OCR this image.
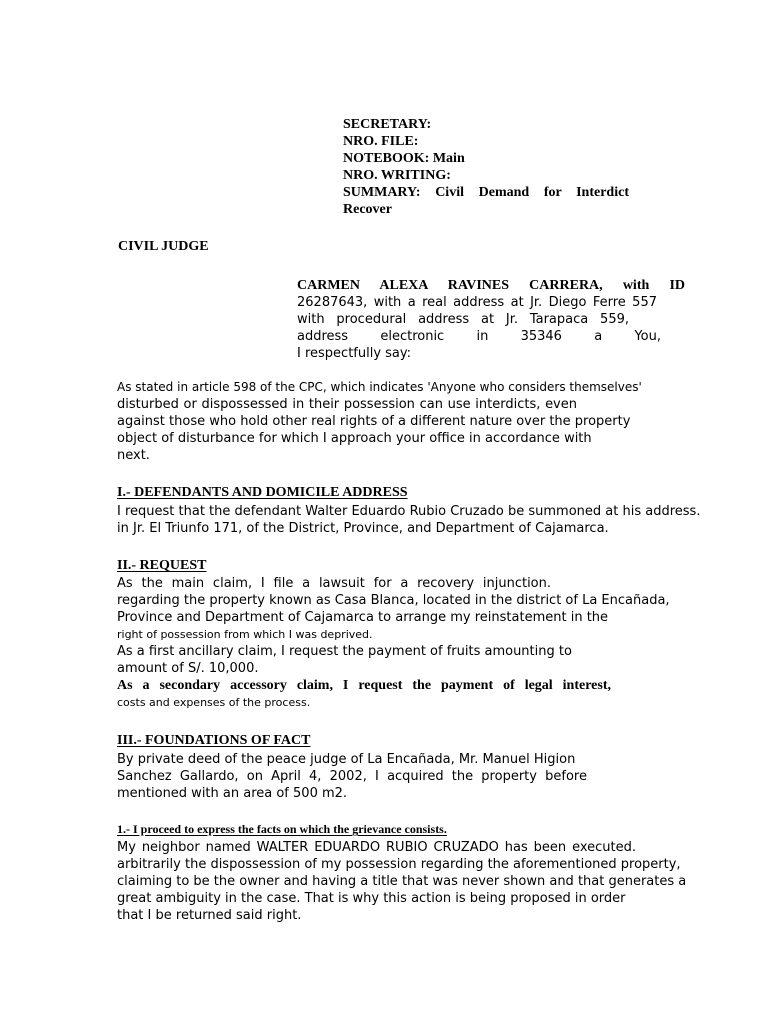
SECRETARY:
NRO. FILE:
NOTEBOOK: Main
NRO. WRITING:
SUMMARY: Civil Demand for Interdict
Recover
CIVIL JUDGE
CARMEN ALEXA RAVINES CARRERA, with ID
26287643, with a real address at Jr. Diego Ferre 557
with procedural address at Jr. Tarapaca 559,
address electronic in 35346 a You,
I respectfully say:
As stated in article 598 of the CPC, which indicates 'Anyone who considers themselves'
disturbed or dispossessed in their possession can use interdicts, even
against those who hold other real rights of a different nature over the property
object of disturbance for which I approach your office in accordance with
next.
I.- DEFENDANTS AND DOMICILE ADDRESS
I request that the defendant Walter Eduardo Rubio Cruzado be summoned at his address.
in Jr. El Triunfo 171, of the District, Province, and Department of Cajamarca.
II.- REQUEST
As the main claim, I file a lawsuit for a recovery injunction.
regarding the property known as Casa Blanca, located in the district of La Encañada,
Province and Department of Cajamarca to arrange my reinstatement in the
right of possession from which I was deprived.
As a first ancillary claim, I request the payment of fruits amounting to
amount of S/. 10,000.
As a secondary accessory claim, I request the payment of legal interest,
costs and expenses of the process.
III.- FOUNDATIONS OF FACT
By private deed of the peace judge of La Encañada, Mr. Manuel Higion
Sanchez Gallardo, on April 4, 2002, I acquired the property before
mentioned with an area of 500 m2.
1.- I proceed to express the facts on which the grievance consists.
My neighbor named WALTER EDUARDO RUBIO CRUZADO has been executed.
arbitrarily the dispossession of my possession regarding the aforementioned property,
claiming to be the owner and having a title that was never shown and that generates a
great ambiguity in the case. That is why this action is being proposed in order
that I be returned said right.
